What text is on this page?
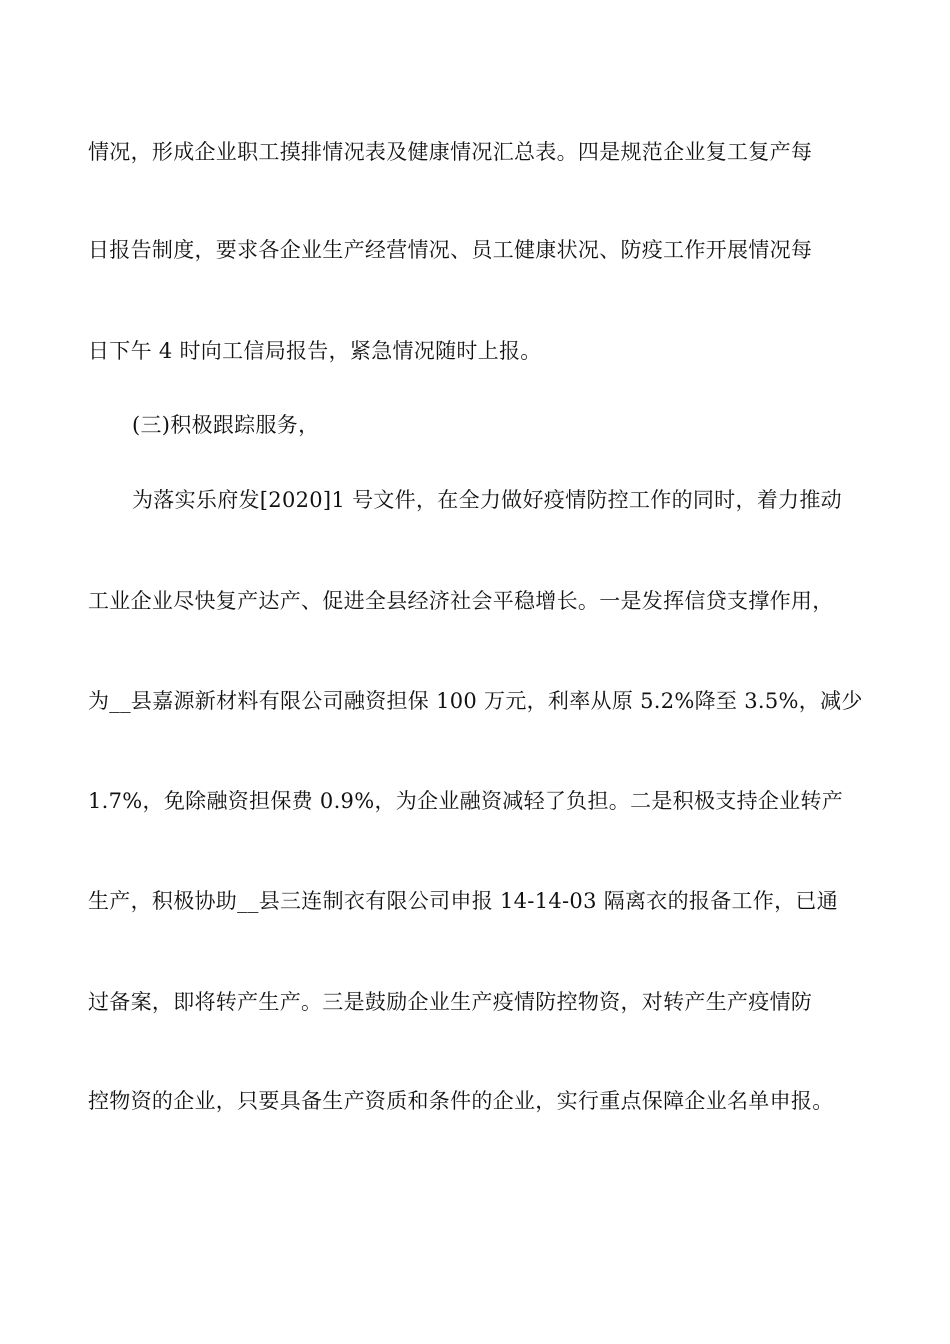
情况，形成企业职工摸排情况表及健康情况汇总表。四是规范企业复工复产每
日报告制度，要求各企业生产经营情况、员工健康状况、防疫工作开展情况每
日下午 4 时向工信局报告，紧急情况随时上报。
(三)积极跟踪服务，
为落实乐府发[2020]1 号文件，在全力做好疫情防控工作的同时，着力推动
工业企业尽快复产达产、促进全县经济社会平稳增长。一是发挥信贷支撑作用，
为__县嘉源新材料有限公司融资担保 100 万元，利率从原 5.2%降至 3.5%，减少
1.7%，免除融资担保费 0.9%，为企业融资减轻了负担。二是积极支持企业转产
生产，积极协助__县三连制衣有限公司申报 14-14-03 隔离衣的报备工作，已通
过备案，即将转产生产。三是鼓励企业生产疫情防控物资，对转产生产疫情防
控物资的企业，只要具备生产资质和条件的企业，实行重点保障企业名单申报。
